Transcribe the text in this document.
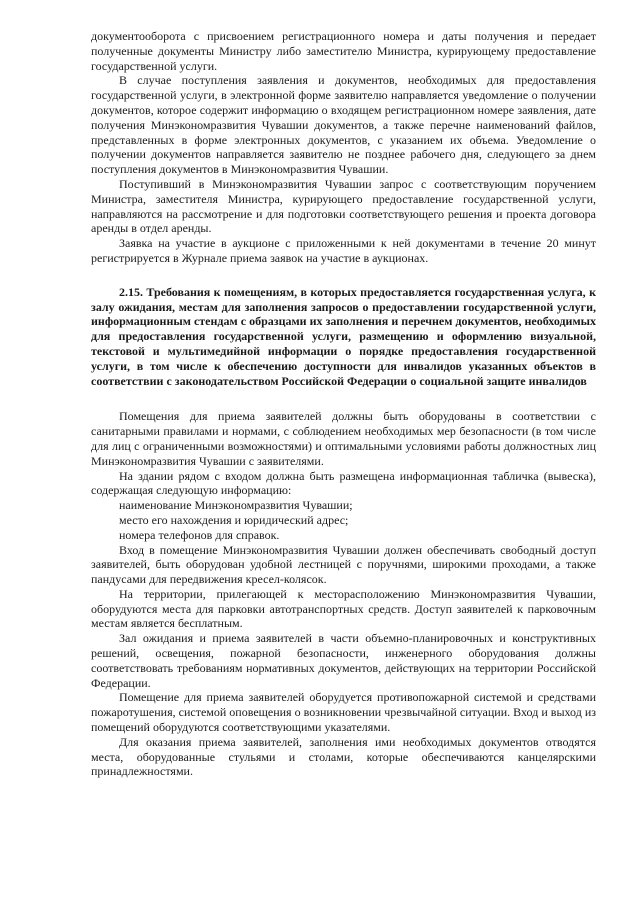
документооборота с присвоением регистрационного номера и даты получения и передает полученные документы Министру либо заместителю Министра, курирующему предоставление государственной услуги.

В случае поступления заявления и документов, необходимых для предоставления государственной услуги, в электронной форме заявителю направляется уведомление о получении документов, которое содержит информацию о входящем регистрационном номере заявления, дате получения Минэкономразвития Чувашии документов, а также перечне наименований файлов, представленных в форме электронных документов, с указанием их объема. Уведомление о получении документов направляется заявителю не позднее рабочего дня, следующего за днем поступления документов в Минэкономразвития Чувашии.

Поступивший в Минэкономразвития Чувашии запрос с соответствующим поручением Министра, заместителя Министра, курирующего предоставление государственной услуги, направляются на рассмотрение и для подготовки соответствующего решения и проекта договора аренды в отдел аренды.

Заявка на участие в аукционе с приложенными к ней документами в течение 20 минут регистрируется в Журнале приема заявок на участие в аукционах.

2.15. Требования к помещениям, в которых предоставляется государственная услуга, к залу ожидания, местам для заполнения запросов о предоставлении государственной услуги, информационным стендам с образцами их заполнения и перечнем документов, необходимых для предоставления государственной услуги, размещению и оформлению визуальной, текстовой и мультимедийной информации о порядке предоставления государственной услуги, в том числе к обеспечению доступности для инвалидов указанных объектов в соответствии с законодательством Российской Федерации о социальной защите инвалидов

Помещения для приема заявителей должны быть оборудованы в соответствии с санитарными правилами и нормами, с соблюдением необходимых мер безопасности (в том числе для лиц с ограниченными возможностями) и оптимальными условиями работы должностных лиц Минэкономразвития Чувашии с заявителями.

На здании рядом с входом должна быть размещена информационная табличка (вывеска), содержащая следующую информацию:

наименование Минэкономразвития Чувашии;

место его нахождения и юридический адрес;

номера телефонов для справок.

Вход в помещение Минэкономразвития Чувашии должен обеспечивать свободный доступ заявителей, быть оборудован удобной лестницей с поручнями, широкими проходами, а также пандусами для передвижения кресел-колясок.

На территории, прилегающей к месторасположению Минэкономразвития Чувашии, оборудуются места для парковки автотранспортных средств. Доступ заявителей к парковочным местам является бесплатным.

Зал ожидания и приема заявителей в части объемно-планировочных и конструктивных решений, освещения, пожарной безопасности, инженерного оборудования должны соответствовать требованиям нормативных документов, действующих на территории Российской Федерации.

Помещение для приема заявителей оборудуется противопожарной системой и средствами пожаротушения, системой оповещения о возникновении чрезвычайной ситуации. Вход и выход из помещений оборудуются соответствующими указателями.

Для оказания приема заявителей, заполнения ими необходимых документов отводятся места, оборудованные стульями и столами, которые обеспечиваются канцелярскими принадлежностями.
